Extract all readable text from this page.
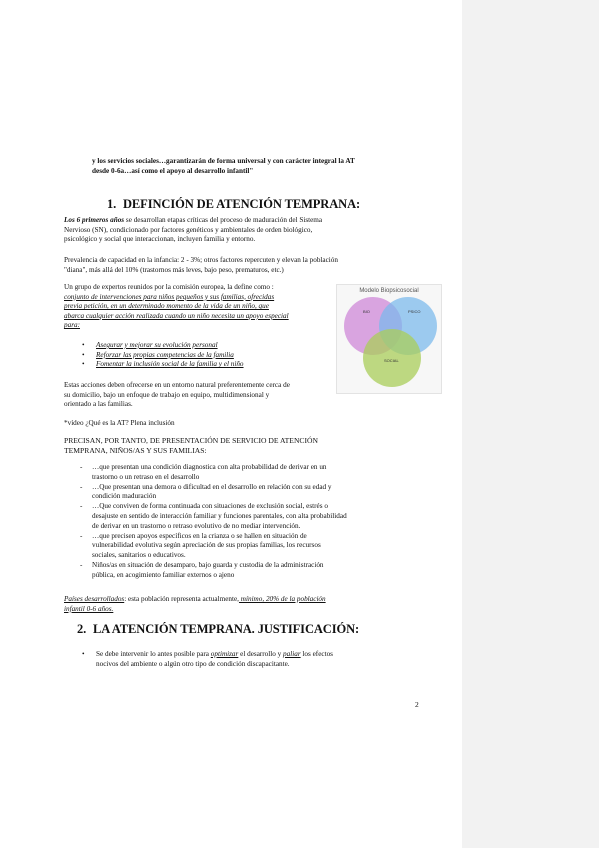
y los servicios sociales…garantizarán de forma universal y con carácter integral la AT
desde 0-6a…así como el apoyo al desarrollo infantil"
1. DEFINCIÓN DE ATENCIÓN TEMPRANA:
Los 6 primeros años se desarrollan etapas críticas del proceso de maduración del Sistema
Nervioso (SN), condicionado por factores genéticos y ambientales de orden biológico,
psicológico y social que interaccionan, incluyen familia y entorno.
Prevalencia de capacidad en la infancia: 2 - 3%; otros factores repercuten y elevan la población
"diana", más allá del 10% (trastornos más leves, bajo peso, prematuros, etc.)
Un grupo de expertos reunidos por la comisión europea, la define como :
conjunto de intervenciones para niños pequeños y sus familias, ofrecidas
previa petición, en un determinado momento de la vida de un niño, que
abarca cualquier acción realizada cuando un niño necesita un apoyo especial
para:
Modelo Biopsicosocial
BIO	PSICO
SOCIAL
• Asegurar y mejorar su evolución personal
• Reforzar las propias competencias de la familia
• Fomentar la inclusión social de la familia y el niño
Estas acciones deben ofrecerse en un entorno natural preferentemente cerca de
su domicilio, bajo un enfoque de trabajo en equipo, multidimensional y
orientado a las familias.
*vídeo ¿Qué es la AT? Plena inclusión
PRECISAN, POR TANTO, DE PRESENTACIÓN DE SERVICIO DE ATENCIÓN
TEMPRANA, NIÑOS/AS Y SUS FAMILIAS:
- …que presentan una condición diagnostica con alta probabilidad de derivar en un
trastorno o un retraso en el desarrollo
- …Que presentan una demora o dificultad en el desarrollo en relación con su edad y
condición maduración
- …Que conviven de forma continuada con situaciones de exclusión social, estrés o
desajuste en sentido de interacción familiar y funciones parentales, con alta probabilidad
de derivar en un trastorno o retraso evolutivo de no mediar intervención.
- …que precisen apoyos específicos en la crianza o se hallen en situación de
vulnerabilidad evolutiva según apreciación de sus propias familias, los recursos
sociales, sanitarios o educativos.
- Niños/as en situación de desamparo, bajo guarda y custodia de la administración
pública, en acogimiento familiar externos o ajeno
Países desarrollados: esta población representa actualmente, mínimo, 20% de la población
infantil 0-6 años.
2. LA ATENCIÓN TEMPRANA. JUSTIFICACIÓN:
• Se debe intervenir lo antes posible para optimizar el desarrollo y paliar los efectos
nocivos del ambiente o algún otro tipo de condición discapacitante.
2
